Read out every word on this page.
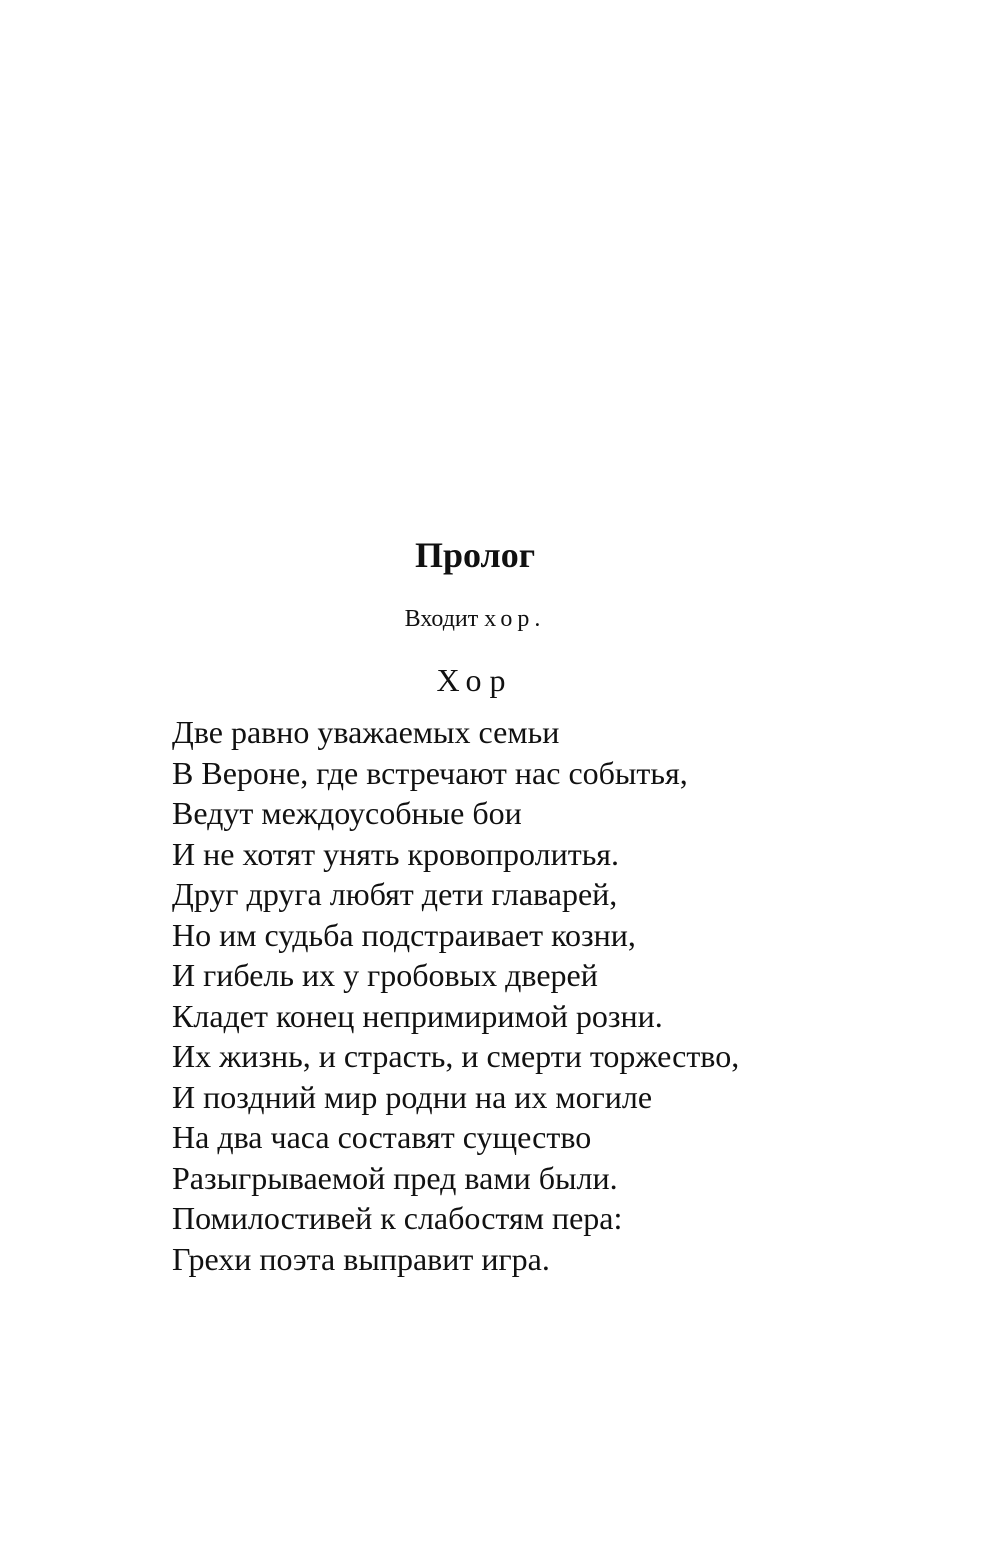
Пролог

Входит хор.

Хор

Две равно уважаемых семьи
В Вероне, где встречают нас событья,
Ведут междоусобные бои
И не хотят унять кровопролитья.
Друг друга любят дети главарей,
Но им судьба подстраивает козни,
И гибель их у гробовых дверей
Кладет конец непримиримой розни.
Их жизнь, и страсть, и смерти торжество,
И поздний мир родни на их могиле
На два часа составят существо
Разыгрываемой пред вами были.
Помилостивей к слабостям пера:
Грехи поэта выправит игра.
